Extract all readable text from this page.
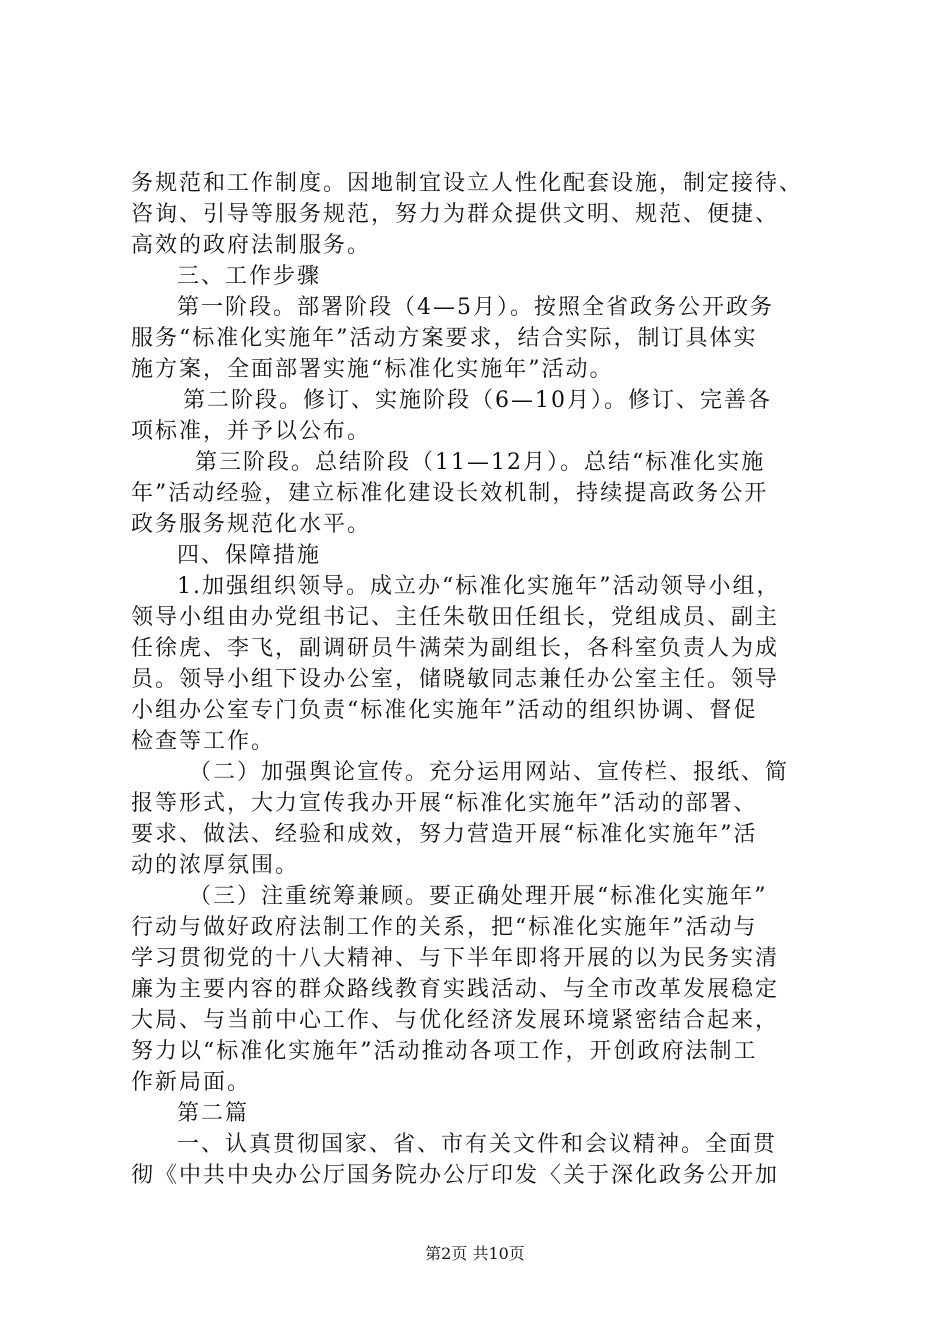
务规范和工作制度。因地制宜设立人性化配套设施，制定接待、
咨询、引导等服务规范，努力为群众提供文明、规范、便捷、
高效的政府法制服务。
三、工作步骤
第一阶段。部署阶段（4—5月）。按照全省政务公开政务
服务“标准化实施年”活动方案要求，结合实际，制订具体实
施方案，全面部署实施“标准化实施年”活动。
第二阶段。修订、实施阶段（6—10月）。修订、完善各
项标准，并予以公布。
第三阶段。总结阶段（11—12月）。总结“标准化实施
年”活动经验，建立标准化建设长效机制，持续提高政务公开
政务服务规范化水平。
四、保障措施
1.加强组织领导。成立办“标准化实施年”活动领导小组，
领导小组由办党组书记、主任朱敬田任组长，党组成员、副主
任徐虎、李飞，副调研员牛满荣为副组长，各科室负责人为成
员。领导小组下设办公室，储晓敏同志兼任办公室主任。领导
小组办公室专门负责“标准化实施年”活动的组织协调、督促
检查等工作。
（二）加强舆论宣传。充分运用网站、宣传栏、报纸、简
报等形式，大力宣传我办开展“标准化实施年”活动的部署、
要求、做法、经验和成效，努力营造开展“标准化实施年”活
动的浓厚氛围。
（三）注重统筹兼顾。要正确处理开展“标准化实施年”
行动与做好政府法制工作的关系，把“标准化实施年”活动与
学习贯彻党的十八大精神、与下半年即将开展的以为民务实清
廉为主要内容的群众路线教育实践活动、与全市改革发展稳定
大局、与当前中心工作、与优化经济发展环境紧密结合起来，
努力以“标准化实施年”活动推动各项工作，开创政府法制工
作新局面。
第二篇
一、认真贯彻国家、省、市有关文件和会议精神。全面贯
彻《中共中央办公厅国务院办公厅印发〈关于深化政务公开加
第2页 共10页
